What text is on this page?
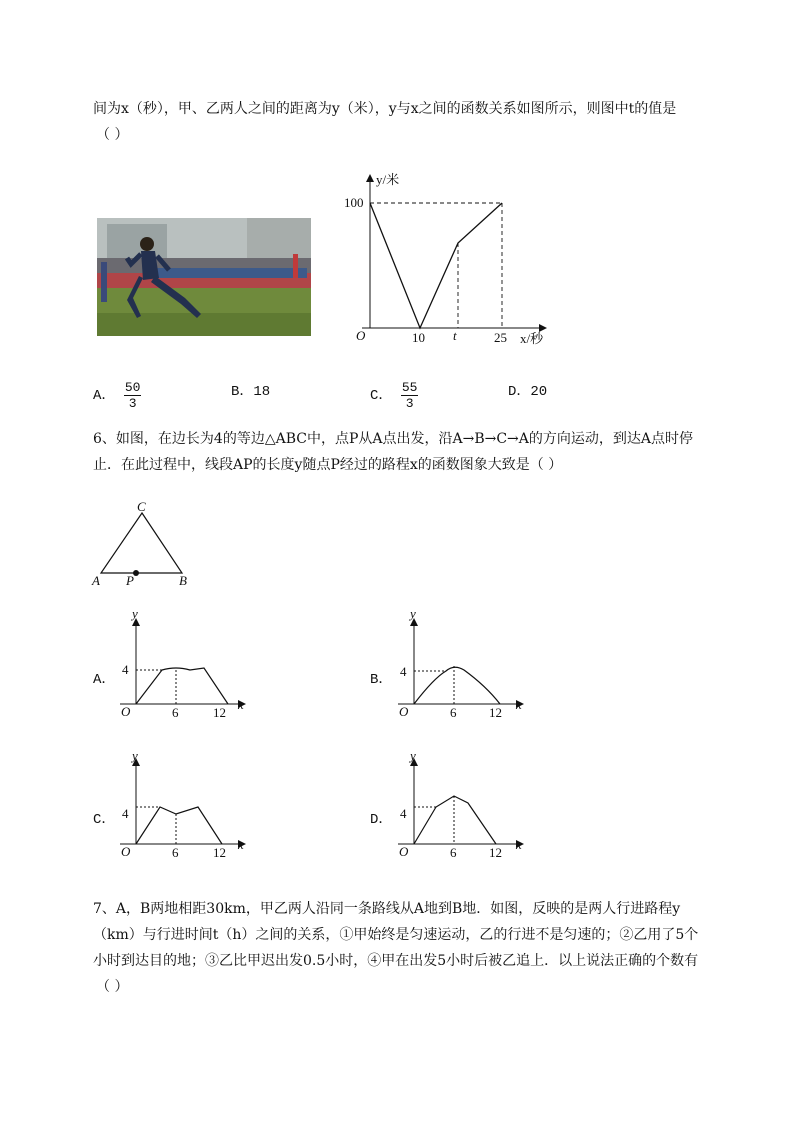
间为x（秒），甲、乙两人之间的距离为y（米），y与x之间的函数关系如图所示，则图中t的值是
（ ）
y/米
100
O	10 t	25 x/秒
A． $\frac{50}{3}$	B．18	C． $\frac{55}{3}$	D．20
6、如图，在边长为4的等边△ABC中，点P从A点出发，沿A→B→C→A的方向运动，到达A点时停
止．在此过程中，线段AP的长度y随点P经过的路程x的函数图象大致是（ ）
C
A P	B
A．
y
4
O	6	12
x
B．
y
4
O	6	12
x
C．
y
4
O	6	12
x
D．
y
4
O	6	12
x
7、A，B两地相距30km，甲乙两人沿同一条路线从A地到B地．如图，反映的是两人行进路程y
（km）与行进时间t（h）之间的关系，①甲始终是匀速运动，乙的行进不是匀速的；②乙用了5个
小时到达目的地；③乙比甲迟出发0.5小时，④甲在出发5小时后被乙追上．以上说法正确的个数有
（ ）
